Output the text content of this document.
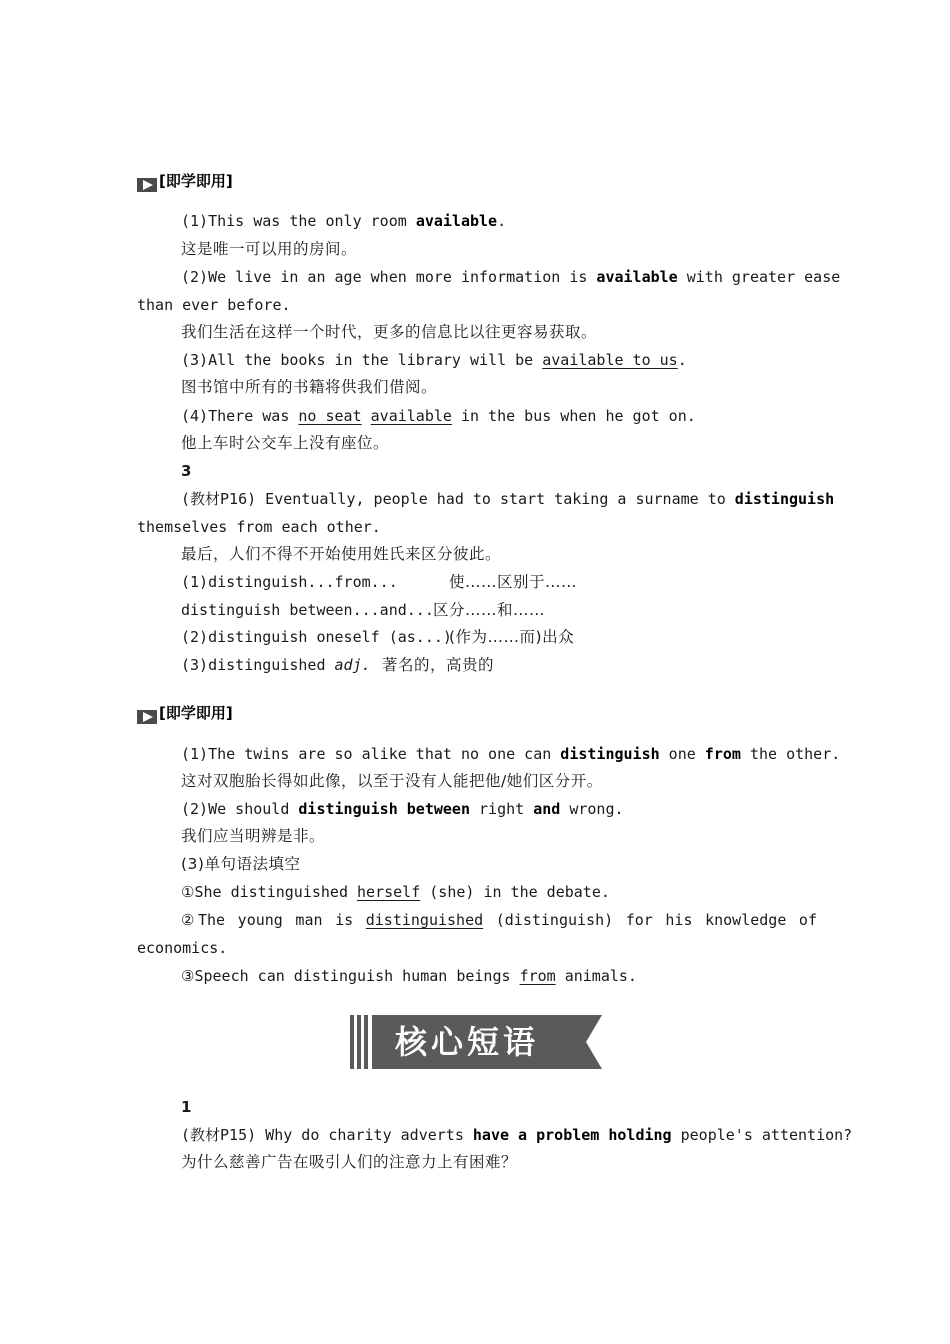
[即学即用]
(1)This was the only room available.
这是唯一可以用的房间。
(2)We live in an age when more information is available with greater ease
than ever before.
我们生活在这样一个时代，更多的信息比以往更容易获取。
(3)All the books in the library will be available to us.
图书馆中所有的书籍将供我们借阅。
(4)There was no seat available in the bus when he got on.
他上车时公交车上没有座位。
3
(教材P16) Eventually, people had to start taking a surname to distinguish
themselves from each other.
最后，人们不得不开始使用姓氏来区分彼此。
(1)distinguish...from...	使……区别于……
distinguish between...and... 区分……和……
(2)distinguish oneself (as...)
(作为……而)出众
(3)distinguished adj. 著名的，高贵的
[即学即用]
(1)The twins are so alike that no one can distinguish one from the other.
这对双胞胎长得如此像，以至于没有人能把他/她们区分开。
(2)We should distinguish between right and wrong.
我们应当明辨是非。
(3)单句语法填空
①She distinguished herself (she) in the debate.
②The young man is distinguished (distinguish) for his knowledge of
economics.
③Speech can distinguish human beings from animals.
核心短语
1
(教材P15) Why do charity adverts have a problem holding people's attention?
为什么慈善广告在吸引人们的注意力上有困难？
